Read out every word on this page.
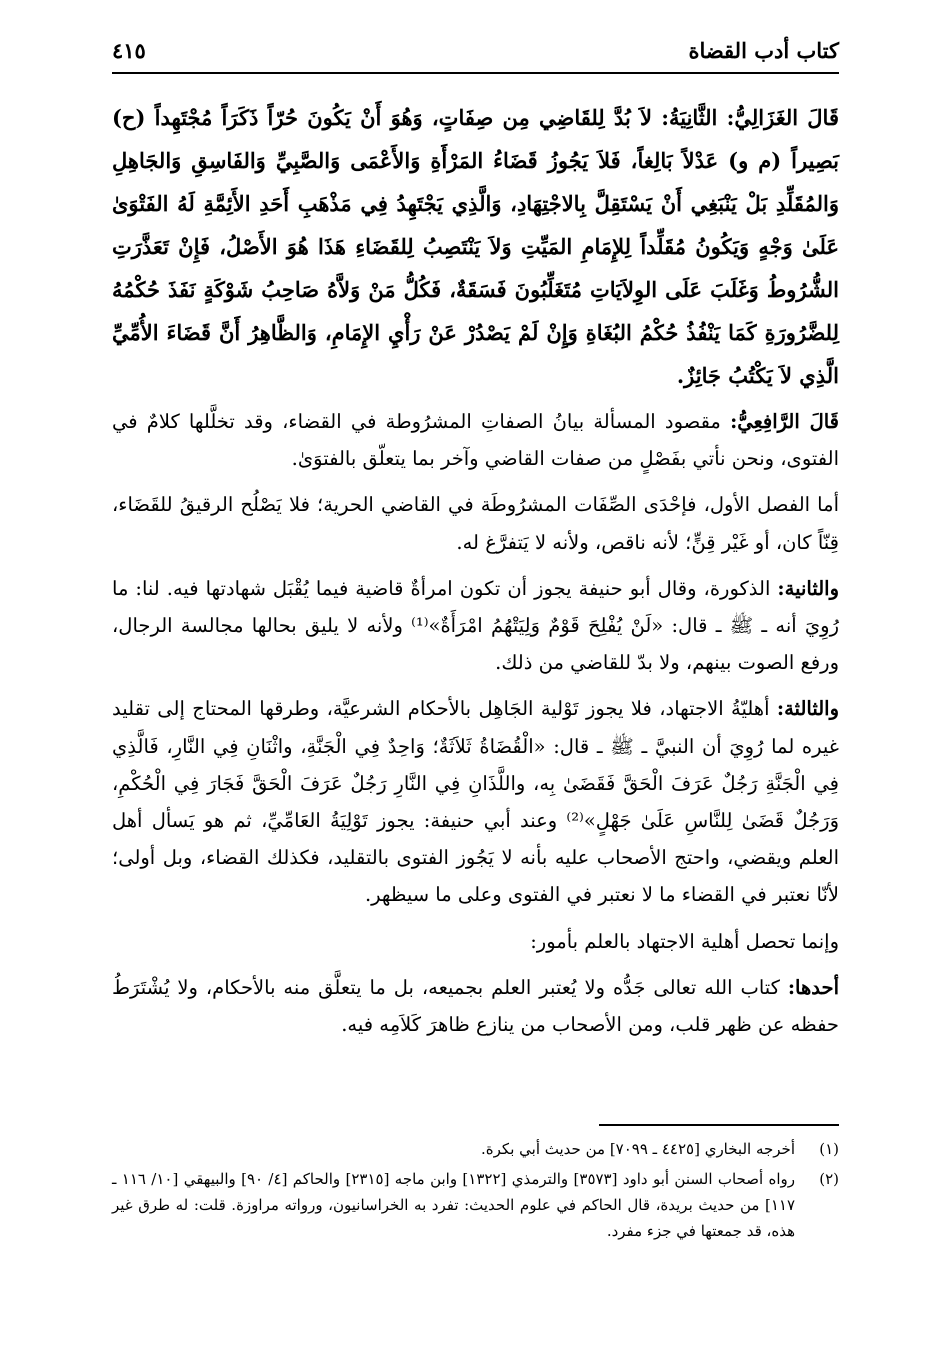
كتاب أدب القضاة
٤١٥

قَالَ الغَزَالِيُّ: الثَّانِيَةُ: لاَ بُدَّ لِلقَاضِي مِن صِفَاتٍ، وَهُوَ أَنْ يَكُونَ حُرّاً ذَكَرَاً مُجْتَهِداً (ح) بَصِيراً (م و) عَدْلاً بَالِغاً، فَلاَ يَجُوزُ قَضَاءُ المَرْأَةِ وَالأَعْمَى وَالصَّبِيِّ وَالفَاسِقِ وَالجَاهِلِ وَالمُقَلِّدِ بَلْ يَنْبَغِي أَنْ يَسْتَقِلَّ بِالاجْتِهَادِ، وَالَّذِي يَجْتَهِدُ فِي مَذْهَبِ أَحَدِ الأَئِمَّةِ لَهُ الفَتْوَىٰ عَلَىٰ وَجْهٍ وَيَكُونُ مُقَلِّداً لِلإِمَامِ المَيِّتِ وَلاَ يَنْتَصِبُ لِلقَضَاءِ هَذَا هُوَ الأَصْلُ، فَإِنْ تَعَذَّرَتِ الشُّرُوطُ وَغَلَبَ عَلَى الوِلاَيَاتِ مُتَغَلِّبُونَ فَسَقَةٌ، فَكُلُّ مَنْ وَلاَّهُ صَاحِبُ شَوْكَةٍ نَفَذَ حُكْمُهُ لِلضَّرُورَةِ كَمَا يَنْفُذُ حُكْمُ البُغَاةِ وَإِنْ لَمْ يَصْدُرْ عَنْ رَأْيِ الإِمَامِ، وَالظَّاهِرُ أَنَّ قَضَاءَ الأُمِّيِّ الَّذِي لاَ يَكْتُبُ جَائِزٌ.

قَالَ الرَّافِعِيُّ: مقصود المسألة بيانُ الصفاتِ المشرُوطة في القضاء، وقد تخلَّلها كلامٌ في الفتوى، ونحن نأتي بفَصْلٍ من صفات القاضي وآخر بما يتعلّق بالفتوَىٰ.

أما الفصل الأول، فإحْدَى الصِّفَات المشرُوطَة في القاضي الحرية؛ فلا يَصْلُح الرقيقُ للقَضَاء، قِنّاً كان، أو غَيْر قِنٍّ؛ لأنه ناقص، ولأنه لا يَتفرَّغ له.

والثانية: الذكورة، وقال أبو حنيفة يجوز أن تكون امرأةٌ قاضية فيما يُقْبَل شهادتها فيه. لنا: ما رُوِيَ أنه ـ ﷺ ـ قال: «لَنْ يُفْلِحَ قَوْمٌ وَلِيَتْهُمُ امْرَأَةٌ»⁽¹⁾ ولأنه لا يليق بحالها مجالسة الرجال، ورفع الصوت بينهم، ولا بدّ للقاضي من ذلك.

والثالثة: أهليّةُ الاجتهاد، فلا يجوز تَوْلية الجَاهِل بالأحكام الشرعيَّة، وطرقها المحتاج إلى تقليد غيره لما رُوِيَ أن النبيَّ ـ ﷺ ـ قال: «الْقُضَاةُ ثَلاَثَةٌ؛ وَاحِدٌ فِي الْجَنَّةِ، واثْنَانِ فِي النَّارِ، فَالَّذِي فِي الْجَنَّةِ رَجُلٌ عَرَفَ الْحَقَّ فَقَضَىٰ بِه، واللَّذَانِ فِي النَّارِ رَجُلٌ عَرَفَ الْحَقَّ فَجَارَ فِي الْحُكْمِ، وَرَجُلٌ قَضَىٰ لِلنَّاسِ عَلَىٰ جَهْلٍ»⁽²⁾ وعند أبي حنيفة: يجوز تَوْلِيَةُ العَامِّيِّ، ثم هو يَسأل أهل العلم ويقضي، واحتج الأصحاب عليه بأنه لا يَجُوز الفتوى بالتقليد، فكذلك القضاء، وبل أولى؛ لأنّا نعتبر في القضاء ما لا نعتبر في الفتوى وعلى ما سيظهر.

وإنما تحصل أهلية الاجتهاد بالعلم بأمور:

أحدها: كتاب الله تعالى جَدُّه ولا يُعتبر العلم بجميعه، بل ما يتعلَّق منه بالأحكام، ولا يُشْتَرَطُ حفظه عن ظهر قلب، ومن الأصحاب من ينازع ظاهرَ كَلاَمِه فيه.

(١)
أخرجه البخاري [٤٤٢٥ ـ ٧٠٩٩] من حديث أبي بكرة.
(٢)
رواه أصحاب السنن أبو داود [٣٥٧٣] والترمذي [١٣٢٢] وابن ماجه [٢٣١٥] والحاكم [٤/ ٩٠] والبيهقي [١٠/ ١١٦ ـ ١١٧] من حديث بريدة، قال الحاكم في علوم الحديث: تفرد به الخراسانيون، ورواته مراوزة. قلت: له طرق غير هذه، قد جمعتها في جزء مفرد.
